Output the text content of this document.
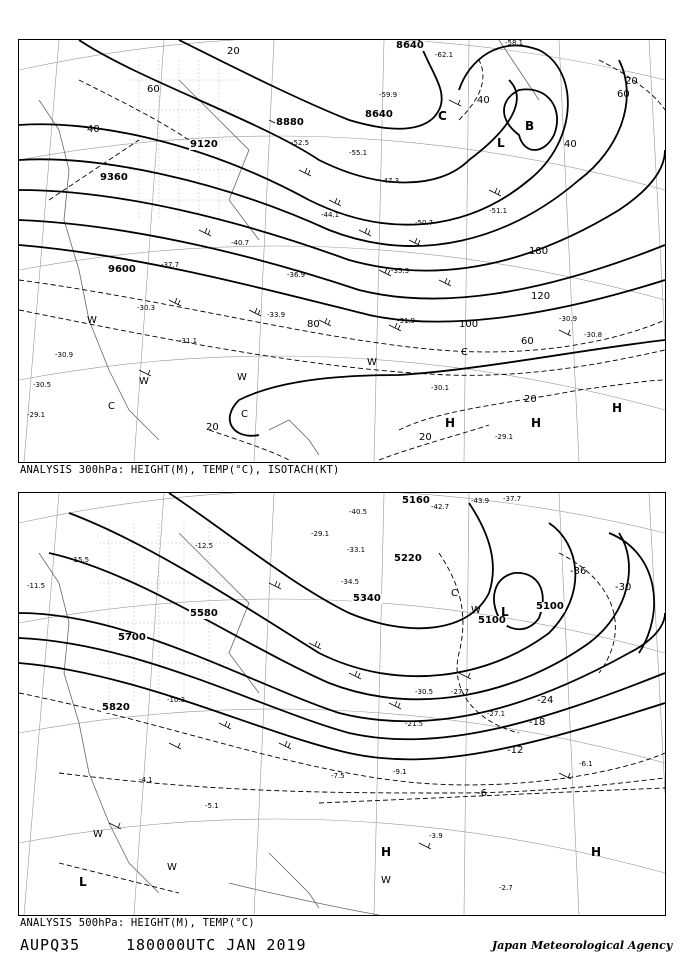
8640
8880
9120
9360
9600
8640
20
40
60
80	100
120
180
40
60
20
20
20
40
60
20
L
B
C
H	H
H
W
W	W
W
C
C
C
-62.1
-59.9
-58.1
-55.1
-52.5
-51.1
-50.7
-47.3
-44.1
-40.7
-37.7
-36.9	-35.3
-33.9
-31.9
-31.1
-30.1
-30.9
-30.9
-29.1
-29.1
-30.5
-30.3
-30.8
ANALYSIS 300hPa: HEIGHT(M), TEMP(°C), ISOTACH(KT)
5100
5160
5220
5340
5580
5700
5820
5100
-36
-30
-24
-18
-12
-6
L
H	H
L	W
W
W
W
C
-42.7
-43.9 -37.7
-40.5
-34.5
-33.1
-29.1
-27.7
-30.5
-21.5
-27.1
-15.5
-11.5
-12.5
-10.3
-7.5
-5.1
-6.1
-3.9
-2.7
-4.1
-9.1
ANALYSIS 500hPa: HEIGHT(M), TEMP(°C)
AUPQ35	180000UTC JAN 2019	Japan Meteorological Agency
